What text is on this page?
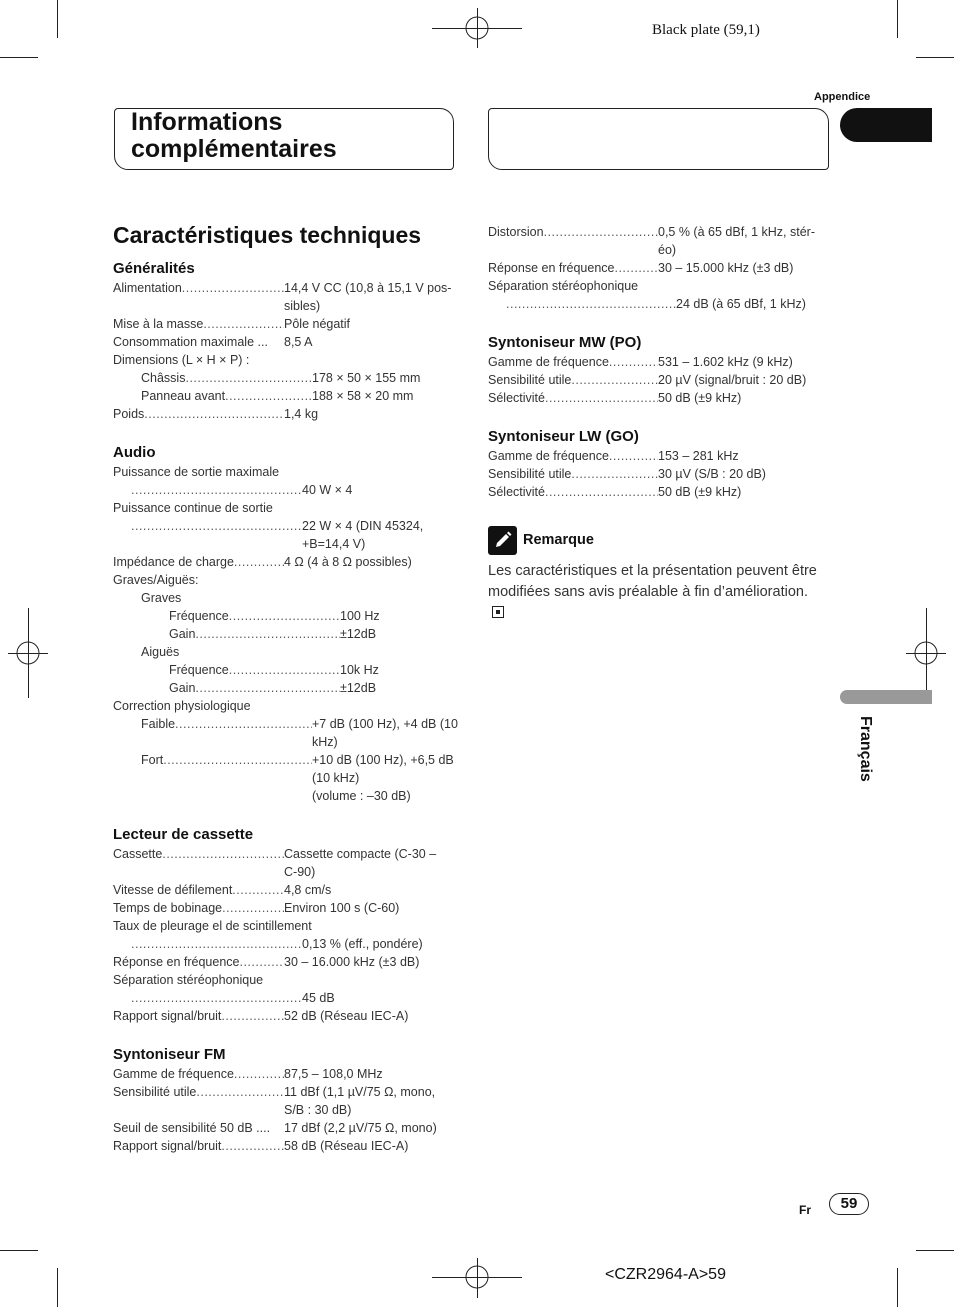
Black plate (59,1)
Appendice
Informations
complémentaires
Caractéristiques techniques
Généralités
Alimentation .....	14,4 V CC (10,8 à 15,1 V pos-
sibles)
Mise à la masse .....	Pôle négatif
Consommation maximale ... 8,5 A
Dimensions (L × H × P) :
Châssis .....	178 × 50 × 155 mm
Panneau avant .....	188 × 58 × 20 mm
Poids .....	1,4 kg
Audio
Puissance de sortie maximale
.....
40 W × 4
Puissance continue de sortie
.....
22 W × 4 (DIN 45324,
+B=14,4 V)
Impédance de charge .....	4 Ω (4 à 8 Ω possibles)
Graves/Aiguës:
Graves
Fréquence .....	100 Hz
Gain .....	±12dB
Aiguës
Fréquence .....	10k Hz
Gain .....	±12dB
Correction physiologique
Faible .....	+7 dB (100 Hz), +4 dB (10
kHz)
Fort .....	+10 dB (100 Hz), +6,5 dB
(10 kHz)
(volume : –30 dB)
Lecteur de cassette
Cassette .....	Cassette compacte (C-30 –
C-90)
Vitesse de défilement .....	4,8 cm/s
Temps de bobinage .....	Environ 100 s (C-60)
Taux de pleurage el de scintillement
.....
0,13 % (eff., pondére)
Réponse en fréquence .....	30 – 16.000 kHz (±3 dB)
Séparation stéréophonique
.....
45 dB
Rapport signal/bruit .....	52 dB (Réseau IEC-A)
Syntoniseur FM
Gamme de fréquence .....	87,5 – 108,0 MHz
Sensibilité utile .....	11 dBf (1,1 µV/75 Ω, mono,
S/B : 30 dB)
Seuil de sensibilité 50 dB .... 17 dBf (2,2 µV/75 Ω, mono)
Rapport signal/bruit .....	58 dB (Réseau IEC-A)
Distorsion .....	0,5 % (à 65 dBf, 1 kHz, stér-
éo)
Réponse en fréquence .....	30 – 15.000 kHz (±3 dB)
Séparation stéréophonique
.....
24 dB (à 65 dBf, 1 kHz)
Syntoniseur MW (PO)
Gamme de fréquence .....	531 – 1.602 kHz (9 kHz)
Sensibilité utile .....	20 µV (signal/bruit : 20 dB)
Sélectivité .....	50 dB (±9 kHz)
Syntoniseur LW (GO)
Gamme de fréquence .....	153 – 281 kHz
Sensibilité utile .....	30 µV (S/B : 20 dB)
Sélectivité .....	50 dB (±9 kHz)
Remarque
Les caractéristiques et la présentation peuvent être modifiées sans avis préalable à fin d’amélioration.
Français
Fr	59
<CZR2964-A>59
